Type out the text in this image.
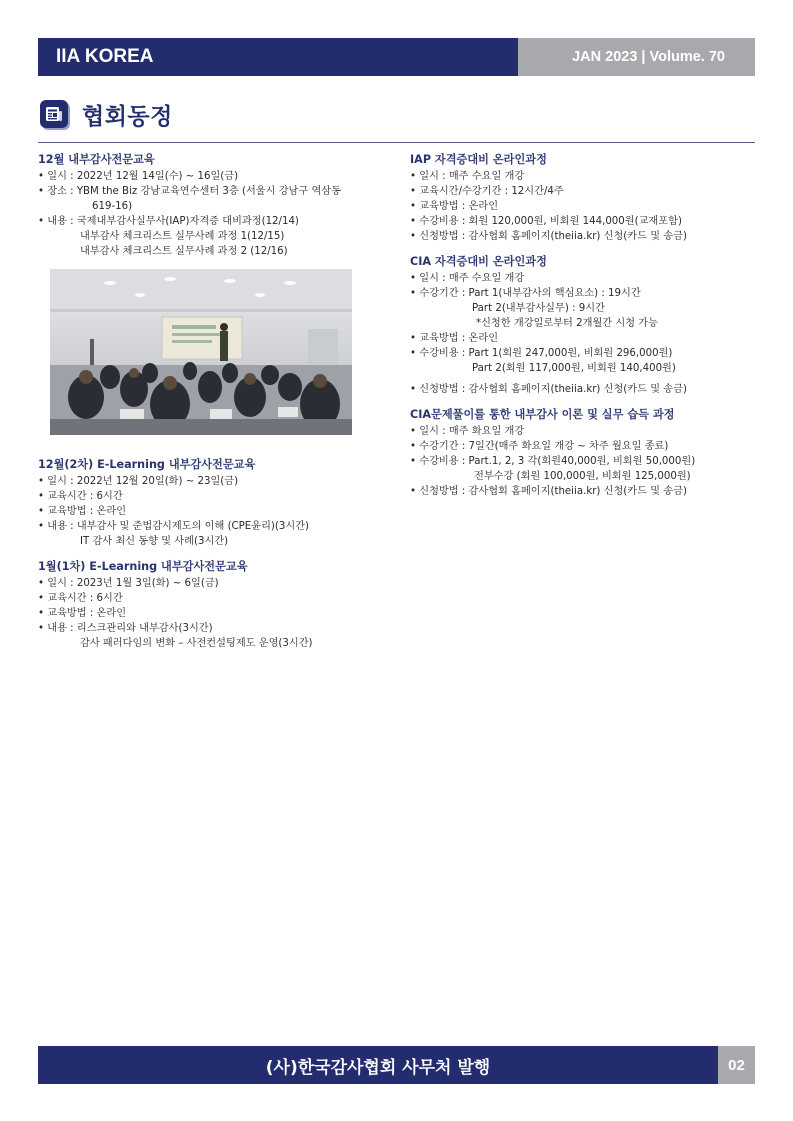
IIA KOREA	JAN 2023 | Volume. 70
협회동정
12월 내부감사전문교육
• 일시 : 2022년 12월 14일(수) ~ 16일(금)
• 장소 : YBM the Biz 강남교육연수센터 3층 (서울시 강남구 역삼동
619-16)
• 내용 : 국제내부감사실무사(IAP)자격증 대비과정(12/14)
내부감사 체크리스트 실무사례 과정 1(12/15)
내부감사 체크리스트 실무사례 과정 2 (12/16)
12월(2차) E-Learning 내부감사전문교육
• 일시 : 2022년 12월 20일(화) ~ 23일(금)
• 교육시간 : 6시간
• 교육방법 : 온라인
• 내용 : 내부감사 및 준법감시제도의 이해 (CPE윤리)(3시간)
IT 감사 최신 동향 및 사례(3시간)
1월(1차) E-Learning 내부감사전문교육
• 일시 : 2023년 1월 3일(화) ~ 6일(금)
• 교육시간 : 6시간
• 교육방법 : 온라인
• 내용 : 리스크관리와 내부감사(3시간)
감사 패러다임의 변화 – 사전컨설팅제도 운영(3시간)
IAP 자격증대비 온라인과정
• 일시 : 매주 수요일 개강
• 교육시간/수강기간 : 12시간/4주
• 교육방법 : 온라인
• 수강비용 : 회원 120,000원, 비회원 144,000원(교재포함)
• 신청방법 : 감사협회 홈페이지(theiia.kr) 신청(카드 및 송금)
CIA 자격증대비 온라인과정
• 일시 : 매주 수요일 개강
• 수강기간 : Part 1(내부감사의 핵심요소) : 19시간
Part 2(내부감사실무) : 9시간
*신청한 개강일로부터 2개월간 시청 가능
• 교육방법 : 온라인
• 수강비용 : Part 1(회원 247,000원, 비회원 296,000원)
Part 2(회원 117,000원, 비회원 140,400원)
• 신청방법 : 감사협회 홈페이지(theiia.kr) 신청(카드 및 송금)
CIA문제풀이를 통한 내부감사 이론 및 실무 습득 과정
• 일시 : 매주 화요일 개강
• 수강기간 : 7일간(매주 화요일 개강 ~ 차주 월요일 종료)
• 수강비용 : Part.1, 2, 3 각(회원40,000원, 비회원 50,000원)
전부수강 (회원 100,000원, 비회원 125,000원)
• 신청방법 : 감사협회 홈페이지(theiia.kr) 신청(카드 및 송금)
(사)한국감사협회 사무처 발행	02
